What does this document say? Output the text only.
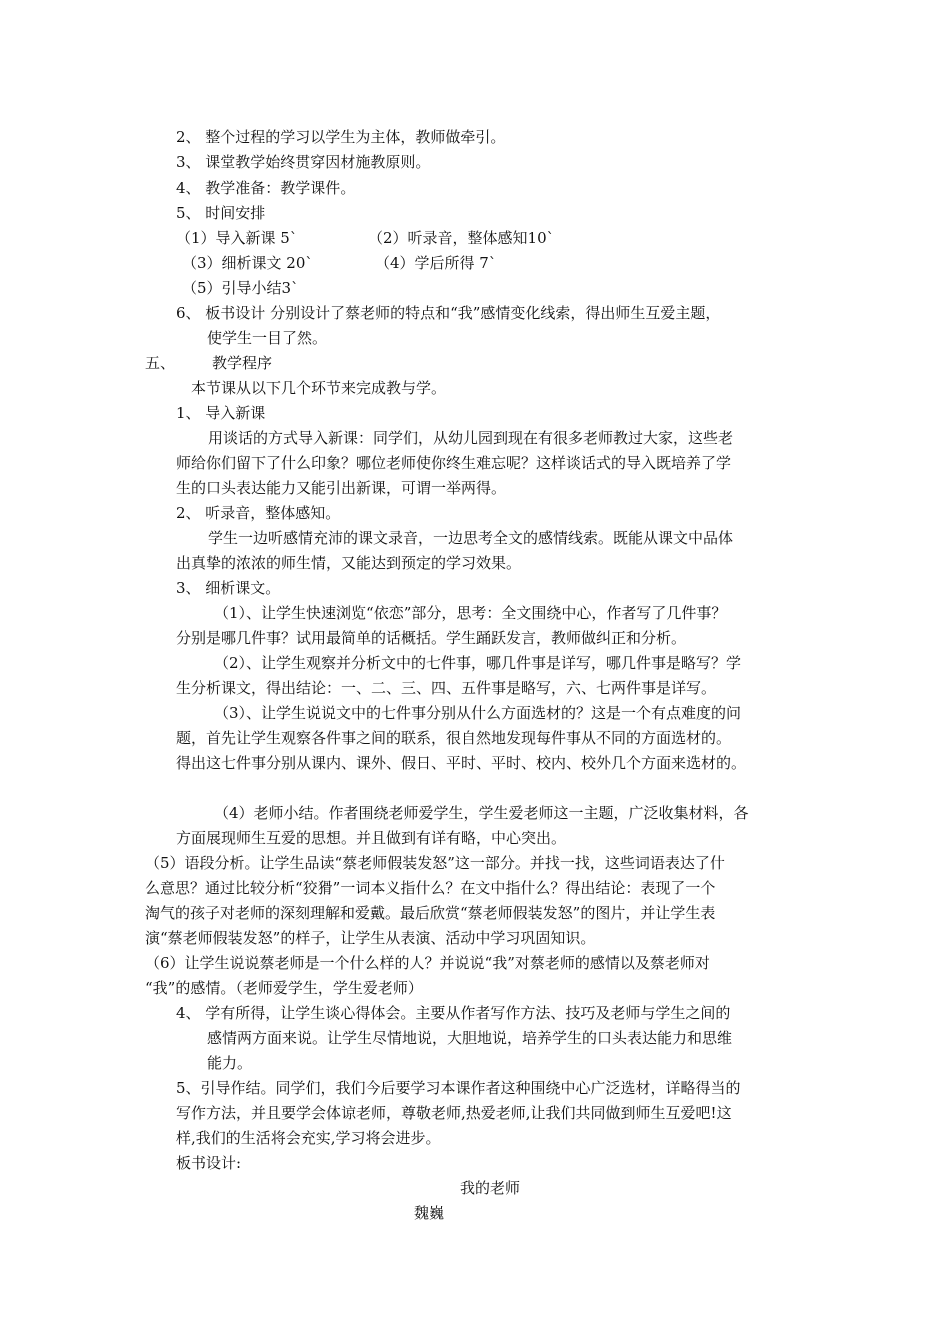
2、 整个过程的学习以学生为主体，教师做牵引。
3、 课堂教学始终贯穿因材施教原则。
4、 教学准备：教学课件。
5、 时间安排
（1）导入新课 5`	（2）听录音，整体感知10`
（3）细析课文 20`	（4）学后所得 7`
（5）引导小结3`
6、 板书设计 分别设计了蔡老师的特点和“我”感情变化线索，得出师生互爱主题，
使学生一目了然。
五、 教学程序
本节课从以下几个环节来完成教与学。
1、 导入新课
用谈话的方式导入新课：同学们，从幼儿园到现在有很多老师教过大家，这些老
师给你们留下了什么印象？哪位老师使你终生难忘呢？这样谈话式的导入既培养了学
生的口头表达能力又能引出新课，可谓一举两得。
2、 听录音，整体感知。
学生一边听感情充沛的课文录音，一边思考全文的感情线索。既能从课文中品体
出真挚的浓浓的师生情，又能达到预定的学习效果。
3、 细析课文。
（1）、让学生快速浏览“依恋”部分，思考：全文围绕中心，作者写了几件事？
分别是哪几件事？试用最简单的话概括。学生踊跃发言，教师做纠正和分析。
（2）、让学生观察并分析文中的七件事，哪几件事是详写，哪几件事是略写？学
生分析课文，得出结论：一、二、三、四、五件事是略写，六、七两件事是详写。
（3）、让学生说说文中的七件事分别从什么方面选材的？这是一个有点难度的问
题，首先让学生观察各件事之间的联系，很自然地发现每件事从不同的方面选材的。
得出这七件事分别从课内、课外、假日、平时、平时、校内、校外几个方面来选材的。
（4）老师小结。作者围绕老师爱学生，学生爱老师这一主题，广泛收集材料，各
方面展现师生互爱的思想。并且做到有详有略，中心突出。
（5）语段分析。让学生品读“蔡老师假装发怒”这一部分。并找一找，这些词语表达了什
么意思？通过比较分析“狡猾”一词本义指什么？在文中指什么？得出结论：表现了一个
淘气的孩子对老师的深刻理解和爱戴。最后欣赏“蔡老师假装发怒”的图片，并让学生表
演“蔡老师假装发怒”的样子，让学生从表演、活动中学习巩固知识。
（6）让学生说说蔡老师是一个什么样的人？并说说“我”对蔡老师的感情以及蔡老师对
“我”的感情。（老师爱学生，学生爱老师）
4、 学有所得，让学生谈心得体会。主要从作者写作方法、技巧及老师与学生之间的
感情两方面来说。让学生尽情地说，大胆地说，培养学生的口头表达能力和思维
能力。
5、引导作结。同学们，我们今后要学习本课作者这种围绕中心广泛选材，详略得当的
写作方法，并且要学会体谅老师，尊敬老师,热爱老师,让我们共同做到师生互爱吧!这
样,我们的生活将会充实,学习将会进步。
板书设计:
我的老师
魏巍
